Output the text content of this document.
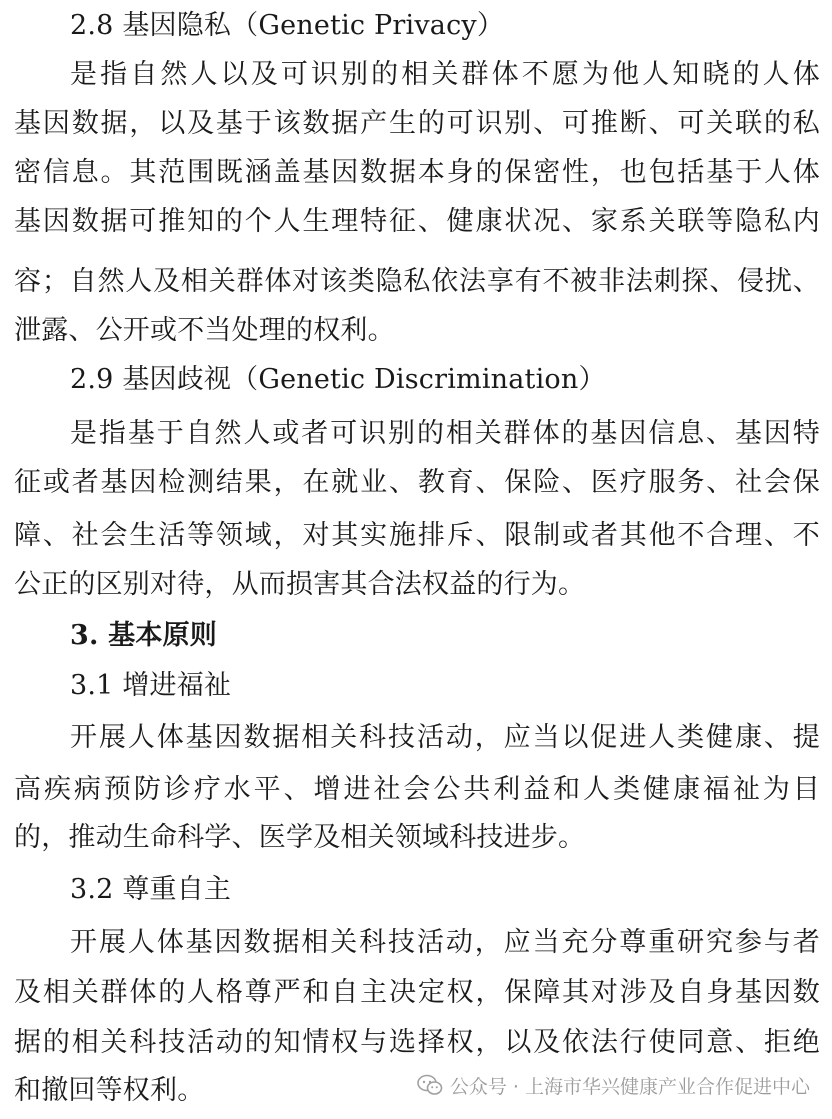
2.8 基因隐私（Genetic Privacy）
是指自然人以及可识别的相关群体不愿为他人知晓的人体
基因数据，以及基于该数据产生的可识别、可推断、可关联的私
密信息。其范围既涵盖基因数据本身的保密性，也包括基于人体
基因数据可推知的个人生理特征、健康状况、家系关联等隐私内
容；自然人及相关群体对该类隐私依法享有不被非法刺探、侵扰、
泄露、公开或不当处理的权利。
2.9 基因歧视（Genetic Discrimination）
是指基于自然人或者可识别的相关群体的基因信息、基因特
征或者基因检测结果，在就业、教育、保险、医疗服务、社会保
障、社会生活等领域，对其实施排斥、限制或者其他不合理、不
公正的区别对待，从而损害其合法权益的行为。
3. 基本原则
3.1 增进福祉
开展人体基因数据相关科技活动，应当以促进人类健康、提
高疾病预防诊疗水平、增进社会公共利益和人类健康福祉为目
的，推动生命科学、医学及相关领域科技进步。
3.2 尊重自主
开展人体基因数据相关科技活动，应当充分尊重研究参与者
及相关群体的人格尊严和自主决定权，保障其对涉及自身基因数
据的相关科技活动的知情权与选择权，以及依法行使同意、拒绝
和撤回等权利。	公众号 · 上海市华兴健康产业合作促进中心
